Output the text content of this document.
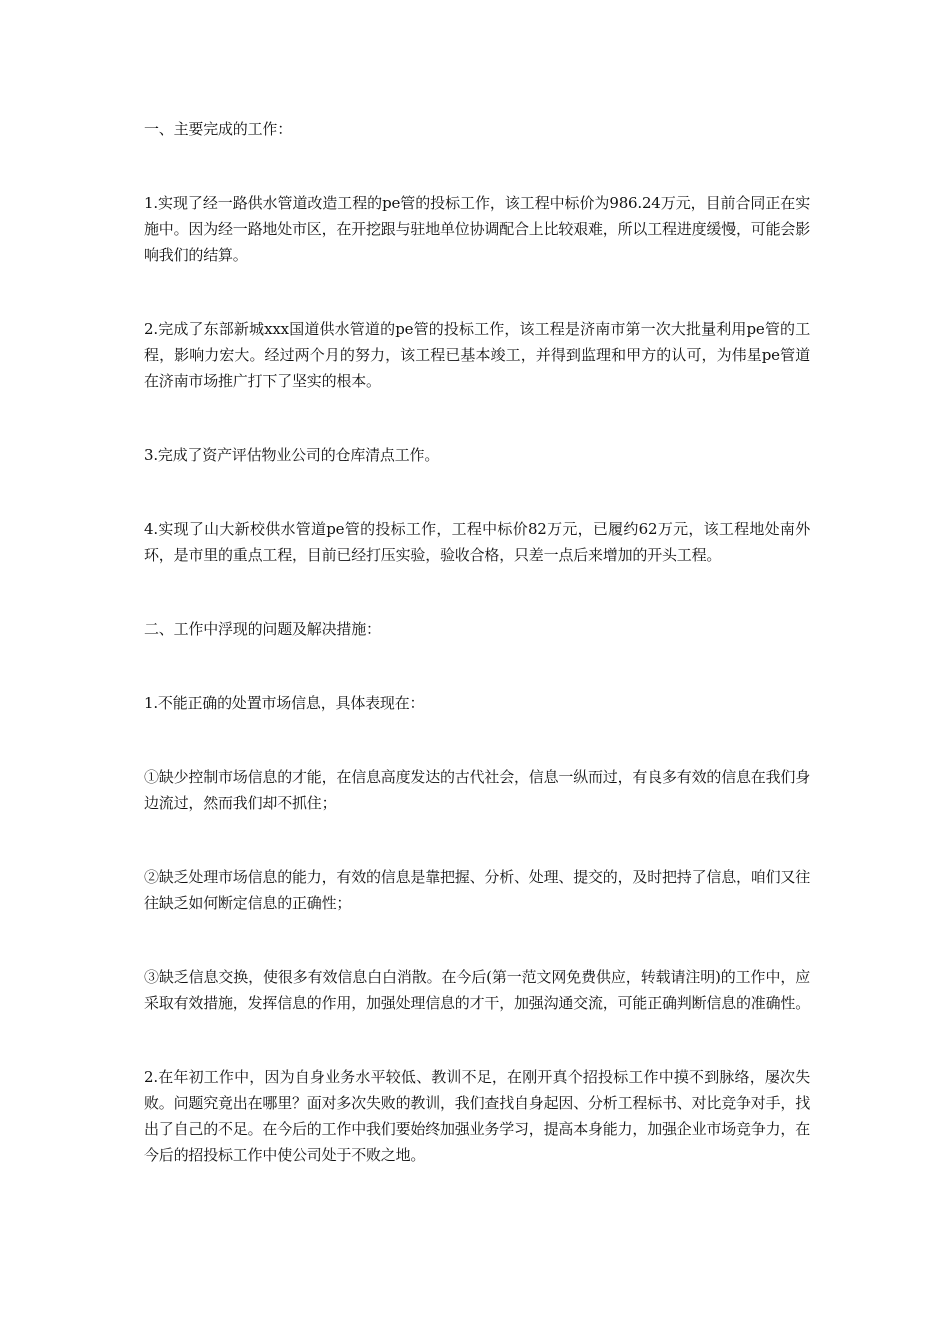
一、主要完成的工作：

1.实现了经一路供水管道改造工程的pe管的投标工作，该工程中标价为986.24万元，目前合同正在实施中。因为经一路地处市区，在开挖跟与驻地单位协调配合上比较艰难，所以工程进度缓慢，可能会影响我们的结算。

2.完成了东部新城xxx国道供水管道的pe管的投标工作，该工程是济南市第一次大批量利用pe管的工程，影响力宏大。经过两个月的努力，该工程已基本竣工，并得到监理和甲方的认可，为伟星pe管道在济南市场推广打下了坚实的根本。

3.完成了资产评估物业公司的仓库清点工作。

4.实现了山大新校供水管道pe管的投标工作，工程中标价82万元，已履约62万元，该工程地处南外环，是市里的重点工程，目前已经打压实验，验收合格，只差一点后来增加的开头工程。

二、工作中浮现的问题及解决措施：

1.不能正确的处置市场信息，具体表现在：

①缺少控制市场信息的才能，在信息高度发达的古代社会，信息一纵而过，有良多有效的信息在我们身边流过，然而我们却不抓住；

②缺乏处理市场信息的能力，有效的信息是靠把握、分析、处理、提交的，及时把持了信息，咱们又往往缺乏如何断定信息的正确性；

③缺乏信息交换，使很多有效信息白白消散。在今后(第一范文网免费供应，转载请注明)的工作中，应采取有效措施，发挥信息的作用，加强处理信息的才干，加强沟通交流，可能正确判断信息的准确性。

2.在年初工作中，因为自身业务水平较低、教训不足，在刚开真个招投标工作中摸不到脉络，屡次失败。问题究竟出在哪里？面对多次失败的教训，我们查找自身起因、分析工程标书、对比竞争对手，找出了自己的不足。在今后的工作中我们要始终加强业务学习，提高本身能力，加强企业市场竞争力，在今后的招投标工作中使公司处于不败之地。
